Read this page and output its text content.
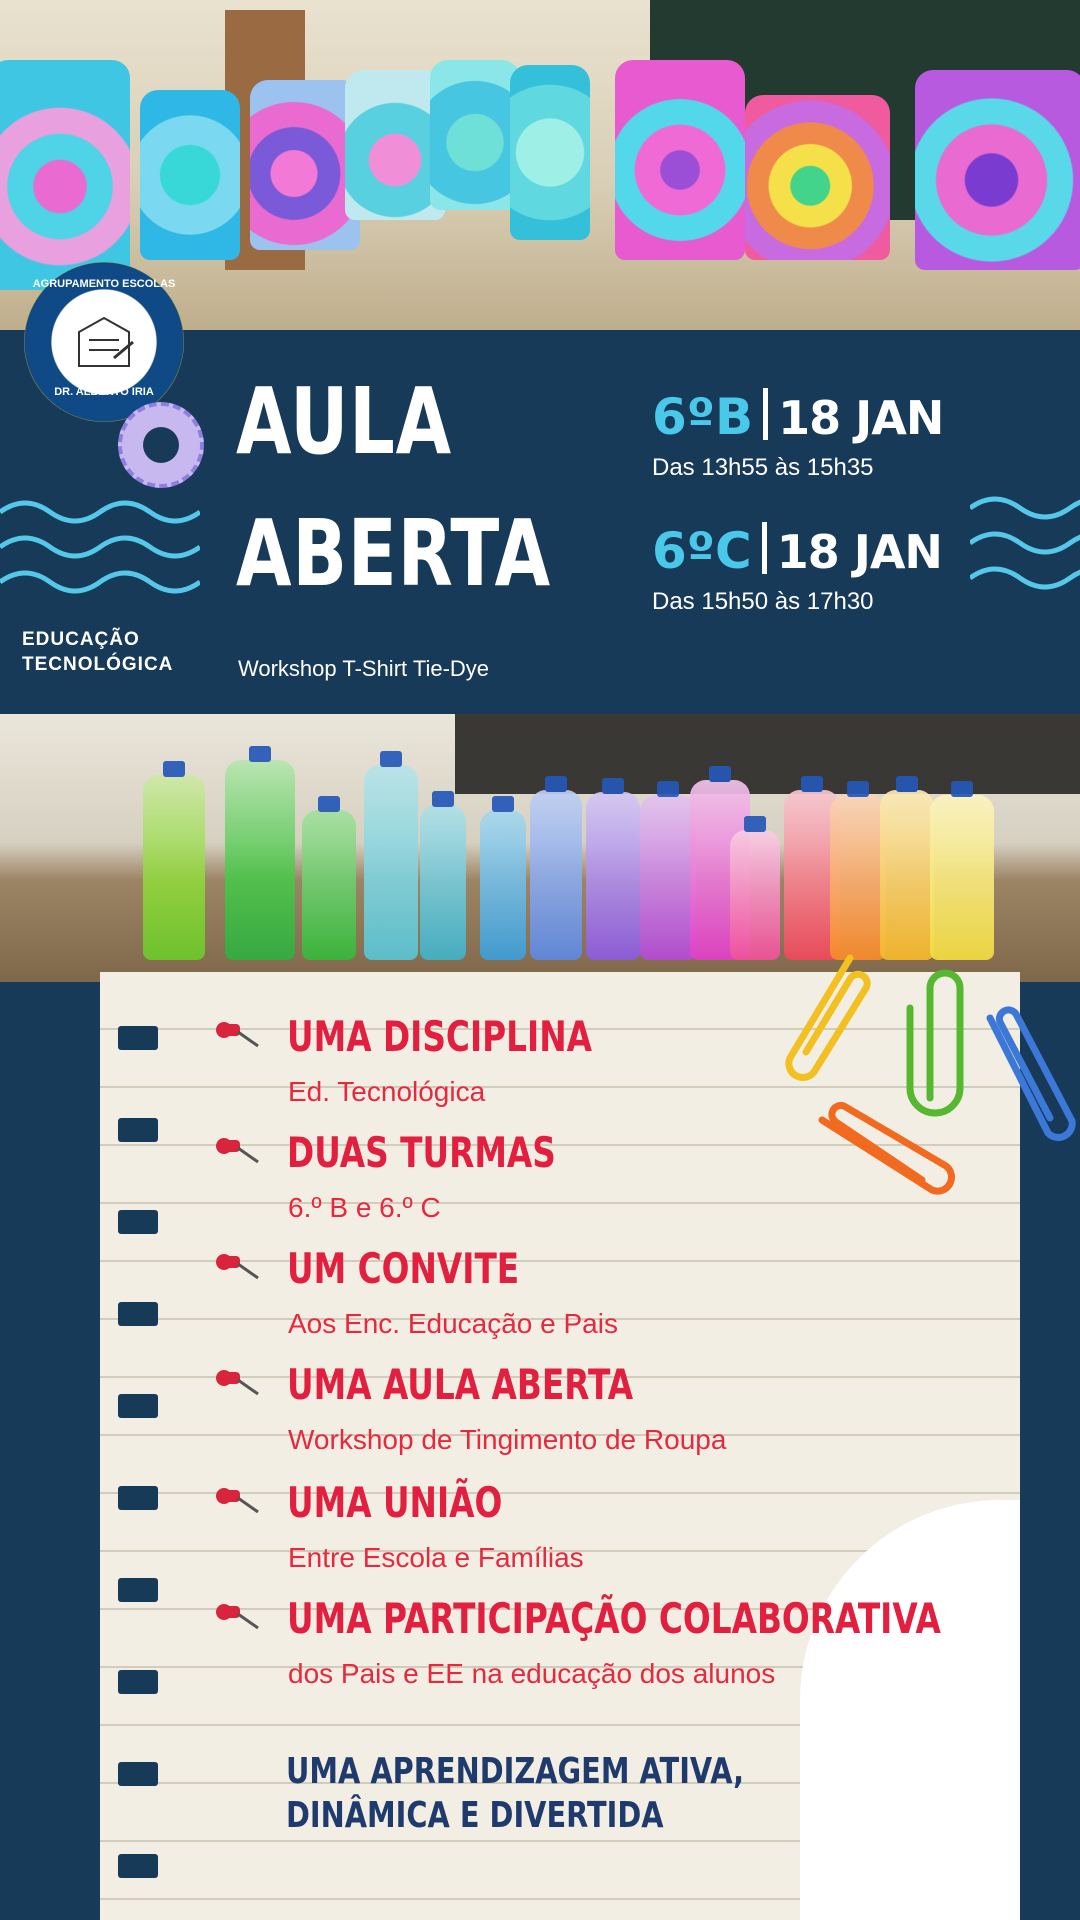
AGRUPAMENTO ESCOLAS
DR. ALBERTO IRIA AULA
ABERTA
Workshop T-Shirt Tie-Dye
EDUCAÇÃO TECNOLÓGICA
6ºB 18 JAN
Das 13h55 às 15h35
6ºC 18 JAN
Das 15h50 às 17h30
UMA DISCIPLINA
Ed. Tecnológica
DUAS TURMAS
6.º B e 6.º C
UM CONVITE
Aos Enc. Educação e Pais
UMA AULA ABERTA
Workshop de Tingimento de Roupa
UMA UNIÃO
Entre Escola e Famílias
UMA PARTICIPAÇÃO COLABORATIVA
dos Pais e EE na educação dos alunos
UMA APRENDIZAGEM ATIVA, DINÂMICA E DIVERTIDA
